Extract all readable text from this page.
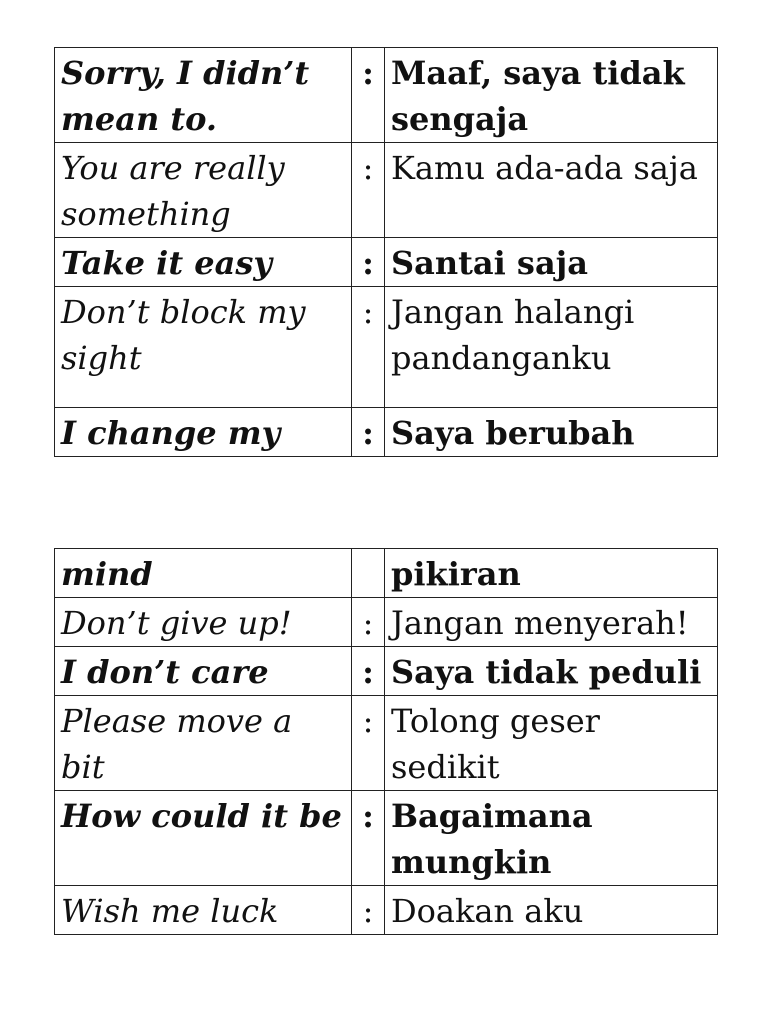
Sorry, I didn’t mean to.	:	Maaf, saya tidak sengaja
You are really something	:	Kamu ada-ada saja
Take it easy	:	Santai saja
Don’t block my sight	:	Jangan halangi pandanganku
I change my	:	Saya berubah
mind		pikiran
Don’t give up!	:	Jangan menyerah!
I don’t care	:	Saya tidak peduli
Please move a bit	:	Tolong geser sedikit
How could it be	:	Bagaimana mungkin
Wish me luck	:	Doakan aku
